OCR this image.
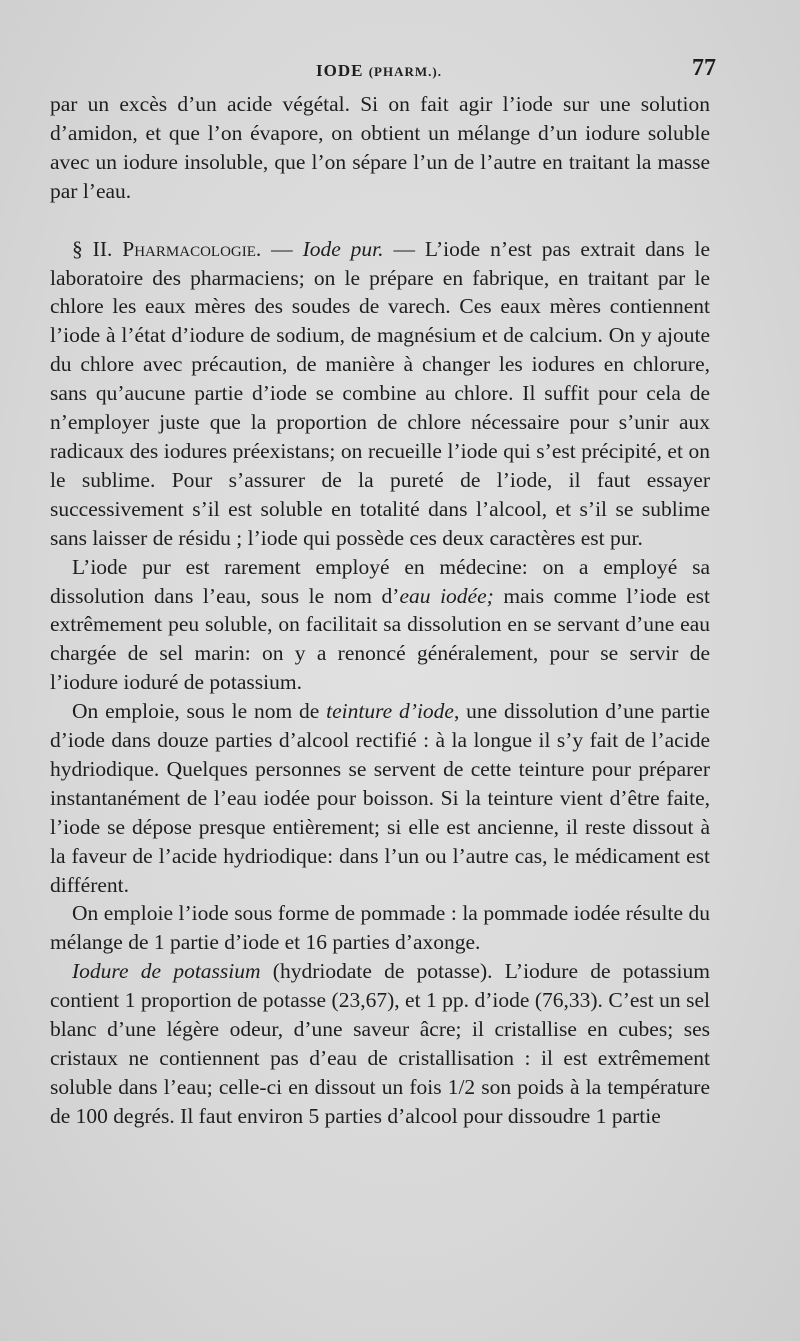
IODE (PHARM.).	77

par un excès d’un acide végétal. Si on fait agir l’iode sur une solution d’amidon, et que l’on évapore, on obtient un mélange d’un iodure soluble avec un iodure insoluble, que l’on sépare l’un de l’autre en traitant la masse par l’eau.

§ II. Pharmacologie. — Iode pur. — L’iode n’est pas extrait dans le laboratoire des pharmaciens; on le prépare en fabrique, en traitant par le chlore les eaux mères des soudes de varech. Ces eaux mères contiennent l’iode à l’état d’iodure de sodium, de magnésium et de calcium. On y ajoute du chlore avec précaution, de manière à changer les iodures en chlorure, sans qu’aucune partie d’iode se combine au chlore. Il suffit pour cela de n’employer juste que la proportion de chlore nécessaire pour s’unir aux radicaux des iodures préexistans; on recueille l’iode qui s’est précipité, et on le sublime. Pour s’assurer de la pureté de l’iode, il faut essayer successivement s’il est soluble en totalité dans l’alcool, et s’il se sublime sans laisser de résidu ; l’iode qui possède ces deux caractères est pur.

L’iode pur est rarement employé en médecine: on a employé sa dissolution dans l’eau, sous le nom d’eau iodée; mais comme l’iode est extrêmement peu soluble, on facilitait sa dissolution en se servant d’une eau chargée de sel marin: on y a renoncé généralement, pour se servir de l’iodure ioduré de potassium.

On emploie, sous le nom de teinture d’iode, une dissolution d’une partie d’iode dans douze parties d’alcool rectifié : à la longue il s’y fait de l’acide hydriodique. Quelques personnes se servent de cette teinture pour préparer instantanément de l’eau iodée pour boisson. Si la teinture vient d’être faite, l’iode se dépose presque entièrement; si elle est ancienne, il reste dissout à la faveur de l’acide hydriodique: dans l’un ou l’autre cas, le médicament est différent.

On emploie l’iode sous forme de pommade : la pommade iodée résulte du mélange de 1 partie d’iode et 16 parties d’axonge.

Iodure de potassium (hydriodate de potasse). L’iodure de potassium contient 1 proportion de potasse (23,67), et 1 pp. d’iode (76,33). C’est un sel blanc d’une légère odeur, d’une saveur âcre; il cristallise en cubes; ses cristaux ne contiennent pas d’eau de cristallisation : il est extrêmement soluble dans l’eau; celle-ci en dissout un fois 1/2 son poids à la température de 100 degrés. Il faut environ 5 parties d’alcool pour dissoudre 1 partie
